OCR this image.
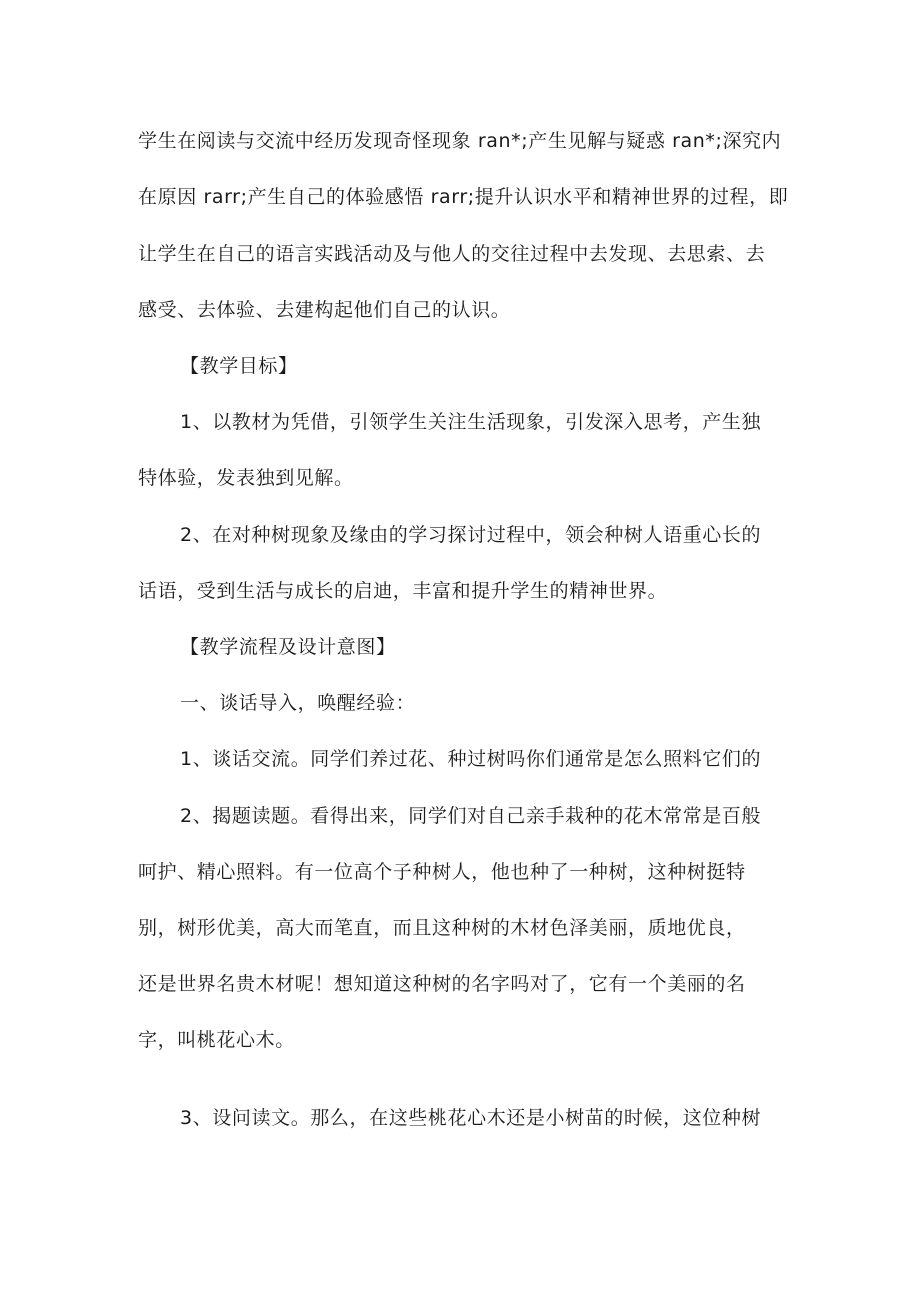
学生在阅读与交流中经历发现奇怪现象 ran*;产生见解与疑惑 ran*;深究内
在原因 rarr;产生自己的体验感悟 rarr;提升认识水平和精神世界的过程，即
让学生在自己的语言实践活动及与他人的交往过程中去发现、去思索、去
感受、去体验、去建构起他们自己的认识。
【教学目标】
1、以教材为凭借，引领学生关注生活现象，引发深入思考，产生独
特体验，发表独到见解。
2、在对种树现象及缘由的学习探讨过程中，领会种树人语重心长的
话语，受到生活与成长的启迪，丰富和提升学生的精神世界。
【教学流程及设计意图】
一、谈话导入，唤醒经验：
1、谈话交流。同学们养过花、种过树吗你们通常是怎么照料它们的
2、揭题读题。看得出来，同学们对自己亲手栽种的花木常常是百般
呵护、精心照料。有一位高个子种树人，他也种了一种树，这种树挺特
别，树形优美，高大而笔直，而且这种树的木材色泽美丽，质地优良，
还是世界名贵木材呢！想知道这种树的名字吗对了，它有一个美丽的名
字，叫桃花心木。
3、设问读文。那么，在这些桃花心木还是小树苗的时候，这位种树
